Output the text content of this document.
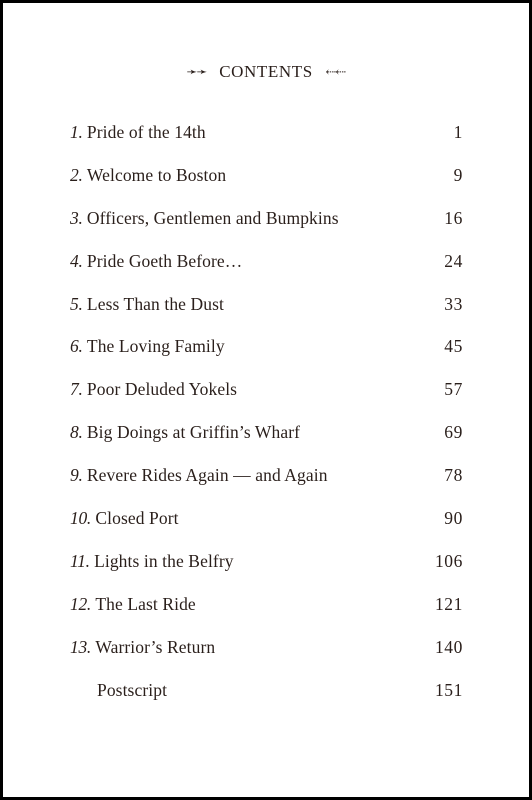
➛➛ CONTENTS ⇠⇠
1. Pride of the 14th	1
2. Welcome to Boston	9
3. Officers, Gentlemen and Bumpkins	16
4. Pride Goeth Before…	24
5. Less Than the Dust	33
6. The Loving Family	45
7. Poor Deluded Yokels	57
8. Big Doings at Griffin’s Wharf	69
9. Revere Rides Again — and Again	78
10. Closed Port	90
11. Lights in the Belfry	106
12. The Last Ride	121
13. Warrior’s Return	140
Postscript	151
